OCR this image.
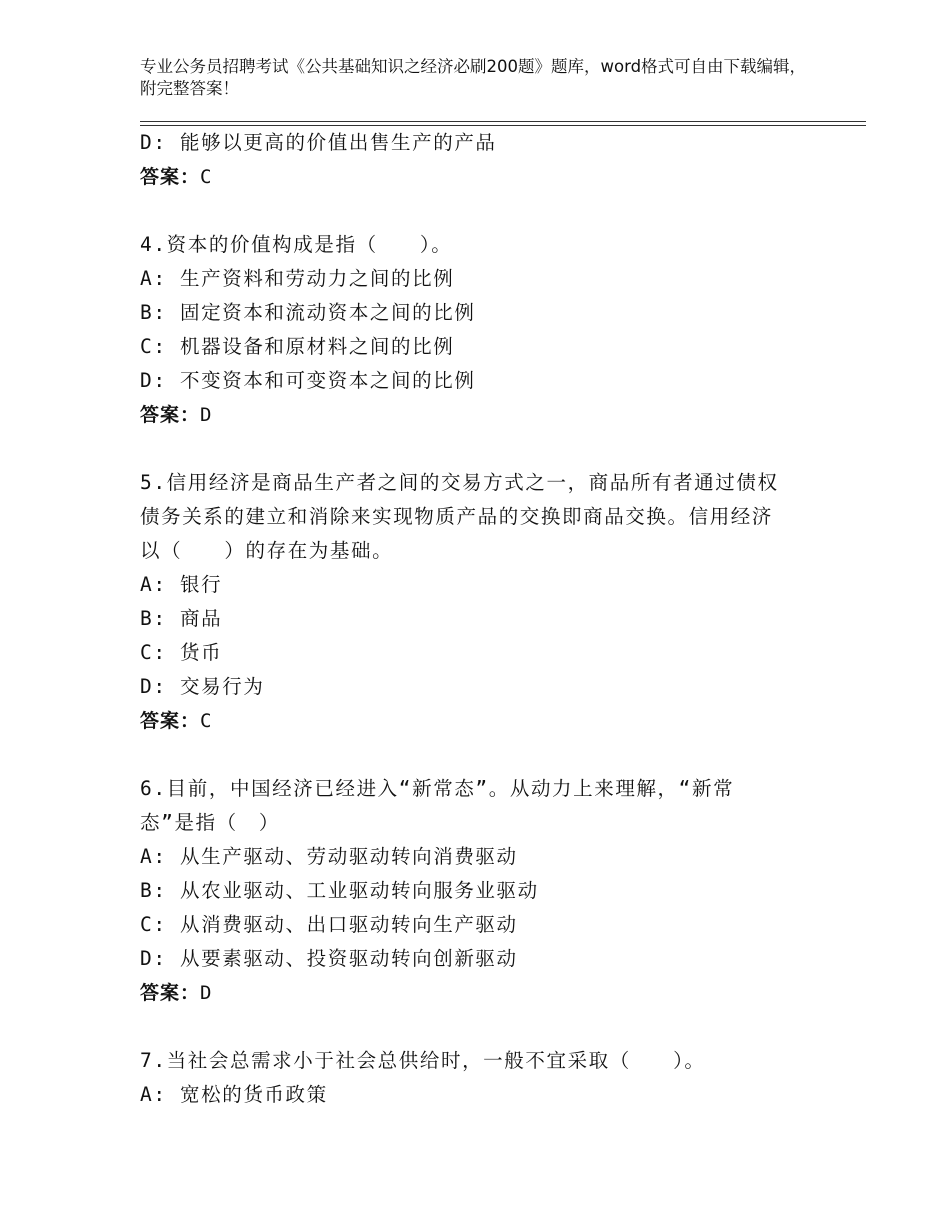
专业公务员招聘考试《公共基础知识之经济必刷200题》题库，word格式可自由下载编辑，附完整答案！
D: 能够以更高的价值出售生产的产品
答案：C
4.资本的价值构成是指（　　）。
A: 生产资料和劳动力之间的比例
B: 固定资本和流动资本之间的比例
C: 机器设备和原材料之间的比例
D: 不变资本和可变资本之间的比例
答案：D
5.信用经济是商品生产者之间的交易方式之一，商品所有者通过债权
债务关系的建立和消除来实现物质产品的交换即商品交换。信用经济
以（　　）的存在为基础。
A: 银行
B: 商品
C: 货币
D: 交易行为
答案：C
6.目前，中国经济已经进入“新常态”。从动力上来理解，“新常
态”是指（　）
A: 从生产驱动、劳动驱动转向消费驱动
B: 从农业驱动、工业驱动转向服务业驱动
C: 从消费驱动、出口驱动转向生产驱动
D: 从要素驱动、投资驱动转向创新驱动
答案：D
7.当社会总需求小于社会总供给时，一般不宜采取（　　）。
A: 宽松的货币政策
